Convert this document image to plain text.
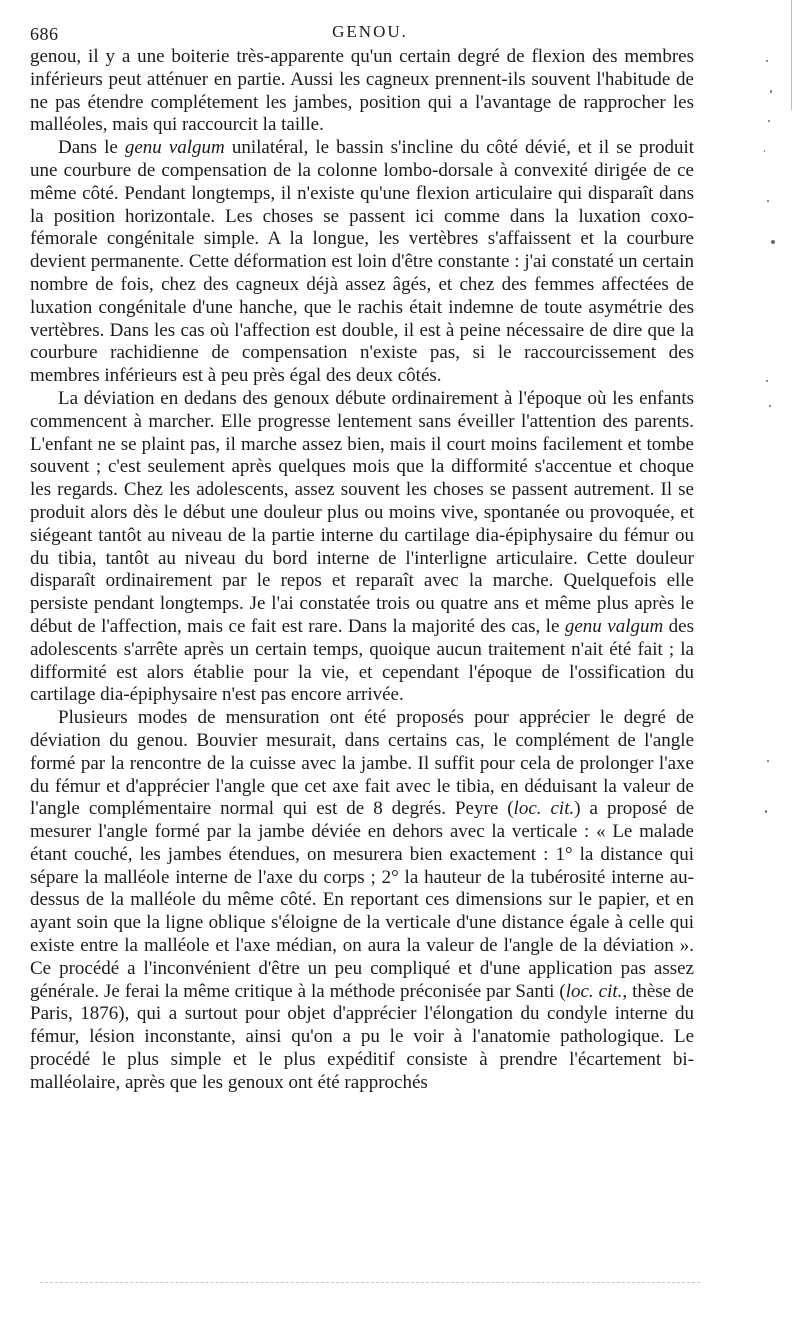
686	GENOU.

genou, il y a une boiterie très-apparente qu'un certain degré de flexion des membres inférieurs peut atténuer en partie. Aussi les cagneux prennent-ils souvent l'habitude de ne pas étendre complétement les jambes, position qui a l'avantage de rapprocher les malléoles, mais qui raccourcit la taille.

Dans le genu valgum unilatéral, le bassin s'incline du côté dévié, et il se produit une courbure de compensation de la colonne lombo-dorsale à convexité dirigée de ce même côté. Pendant longtemps, il n'existe qu'une flexion articulaire qui disparaît dans la position horizontale. Les choses se passent ici comme dans la luxation coxo-fémorale congénitale simple. A la longue, les vertèbres s'affaissent et la courbure devient permanente. Cette déformation est loin d'être constante : j'ai constaté un certain nombre de fois, chez des cagneux déjà assez âgés, et chez des femmes affectées de luxation congénitale d'une hanche, que le rachis était indemne de toute asymétrie des vertèbres. Dans les cas où l'affection est double, il est à peine nécessaire de dire que la courbure rachidienne de compensation n'existe pas, si le raccourcissement des membres inférieurs est à peu près égal des deux côtés.

La déviation en dedans des genoux débute ordinairement à l'époque où les enfants commencent à marcher. Elle progresse lentement sans éveiller l'attention des parents. L'enfant ne se plaint pas, il marche assez bien, mais il court moins facilement et tombe souvent ; c'est seulement après quelques mois que la difformité s'accentue et choque les regards. Chez les adolescents, assez souvent les choses se passent autrement. Il se produit alors dès le début une douleur plus ou moins vive, spontanée ou provoquée, et siégeant tantôt au niveau de la partie interne du cartilage dia-épiphysaire du fémur ou du tibia, tantôt au niveau du bord interne de l'interligne articulaire. Cette douleur disparaît ordinairement par le repos et reparaît avec la marche. Quelquefois elle persiste pendant longtemps. Je l'ai constatée trois ou quatre ans et même plus après le début de l'affection, mais ce fait est rare. Dans la majorité des cas, le genu valgum des adolescents s'arrête après un certain temps, quoique aucun traitement n'ait été fait ; la difformité est alors établie pour la vie, et cependant l'époque de l'ossification du cartilage dia-épiphysaire n'est pas encore arrivée.

Plusieurs modes de mensuration ont été proposés pour apprécier le degré de déviation du genou. Bouvier mesurait, dans certains cas, le complément de l'angle formé par la rencontre de la cuisse avec la jambe. Il suffit pour cela de prolonger l'axe du fémur et d'apprécier l'angle que cet axe fait avec le tibia, en déduisant la valeur de l'angle complémentaire normal qui est de 8 degrés. Peyre (loc. cit.) a proposé de mesurer l'angle formé par la jambe déviée en dehors avec la verticale : « Le malade étant couché, les jambes étendues, on mesurera bien exactement : 1° la distance qui sépare la malléole interne de l'axe du corps ; 2° la hauteur de la tubérosité interne au-dessus de la malléole du même côté. En reportant ces dimensions sur le papier, et en ayant soin que la ligne oblique s'éloigne de la verticale d'une distance égale à celle qui existe entre la malléole et l'axe médian, on aura la valeur de l'angle de la déviation ». Ce procédé a l'inconvénient d'être un peu compliqué et d'une application pas assez générale. Je ferai la même critique à la méthode préconisée par Santi (loc. cit., thèse de Paris, 1876), qui a surtout pour objet d'apprécier l'élongation du condyle interne du fémur, lésion inconstante, ainsi qu'on a pu le voir à l'anatomie pathologique. Le procédé le plus simple et le plus expéditif consiste à prendre l'écartement bi-malléolaire, après que les genoux ont été rapprochés
